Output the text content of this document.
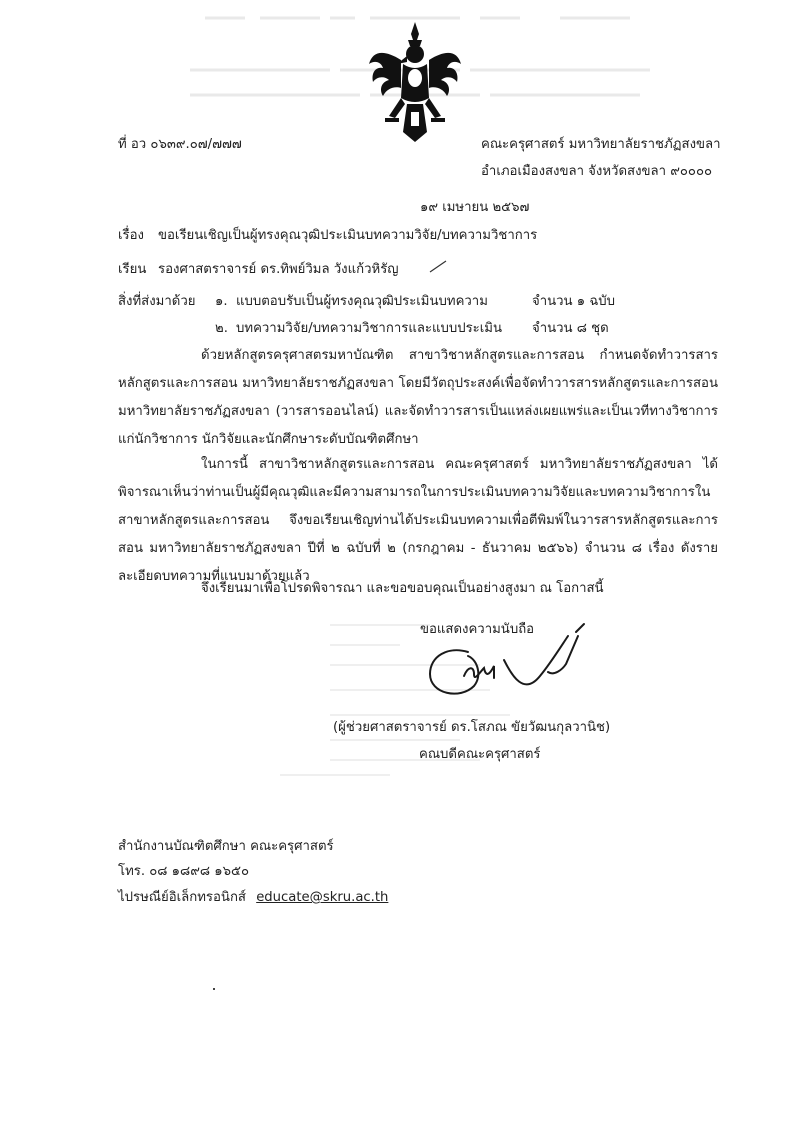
ที่ อว ๐๖๓๙.๐๗/๗๗๗	คณะครุศาสตร์ มหาวิทยาลัยราชภัฏสงขลา
อำเภอเมืองสงขลา จังหวัดสงขลา ๙๐๐๐๐
๑๙ เมษายน ๒๕๖๗
เรื่อง ขอเรียนเชิญเป็นผู้ทรงคุณวุฒิประเมินบทความวิจัย/บทความวิชาการ
เรียน รองศาสตราจารย์ ดร.ทิพย์วิมล วังแก้วหิรัญ
สิ่งที่ส่งมาด้วย ๑. แบบตอบรับเป็นผู้ทรงคุณวุฒิประเมินบทความ	จำนวน ๑ ฉบับ
๒. บทความวิจัย/บทความวิชาการและแบบประเมิน จำนวน ๘ ชุด
ด้วยหลักสูตรครุศาสตรมหาบัณฑิต สาขาวิชาหลักสูตรและการสอน กำหนดจัดทำวารสารหลักสูตรและการสอน มหาวิทยาลัยราชภัฏสงขลา โดยมีวัตถุประสงค์เพื่อจัดทำวารสารหลักสูตรและการสอน มหาวิทยาลัยราชภัฏสงขลา (วารสารออนไลน์) และจัดทำวารสารเป็นแหล่งเผยแพร่และเป็นเวทีทางวิชาการแก่นักวิชาการ นักวิจัยและนักศึกษาระดับบัณฑิตศึกษา
ในการนี้ สาขาวิชาหลักสูตรและการสอน คณะครุศาสตร์ มหาวิทยาลัยราชภัฏสงขลา ได้พิจารณาเห็นว่าท่านเป็นผู้มีคุณวุฒิและมีความสามารถในการประเมินบทความวิจัยและบทความวิชาการในสาขาหลักสูตรและการสอน จึงขอเรียนเชิญท่านได้ประเมินบทความเพื่อตีพิมพ์ในวารสารหลักสูตรและการสอน มหาวิทยาลัยราชภัฏสงขลา ปีที่ ๒ ฉบับที่ ๒ (กรกฎาคม - ธันวาคม ๒๕๖๖) จำนวน ๘ เรื่อง ดังรายละเอียดบทความที่แนบมาด้วยแล้ว
จึงเรียนมาเพื่อโปรดพิจารณา และขอขอบคุณเป็นอย่างสูงมา ณ โอกาสนี้
ขอแสดงความนับถือ
(ผู้ช่วยศาสตราจารย์ ดร.โสภณ ขัยวัฒนกุลวานิช)
คณบดีคณะครุศาสตร์
สำนักงานบัณฑิตศึกษา คณะครุศาสตร์
โทร. ๐๘ ๑๘๙๘ ๑๖๕๐
ไปรษณีย์อิเล็กทรอนิกส์ educate@skru.ac.th
